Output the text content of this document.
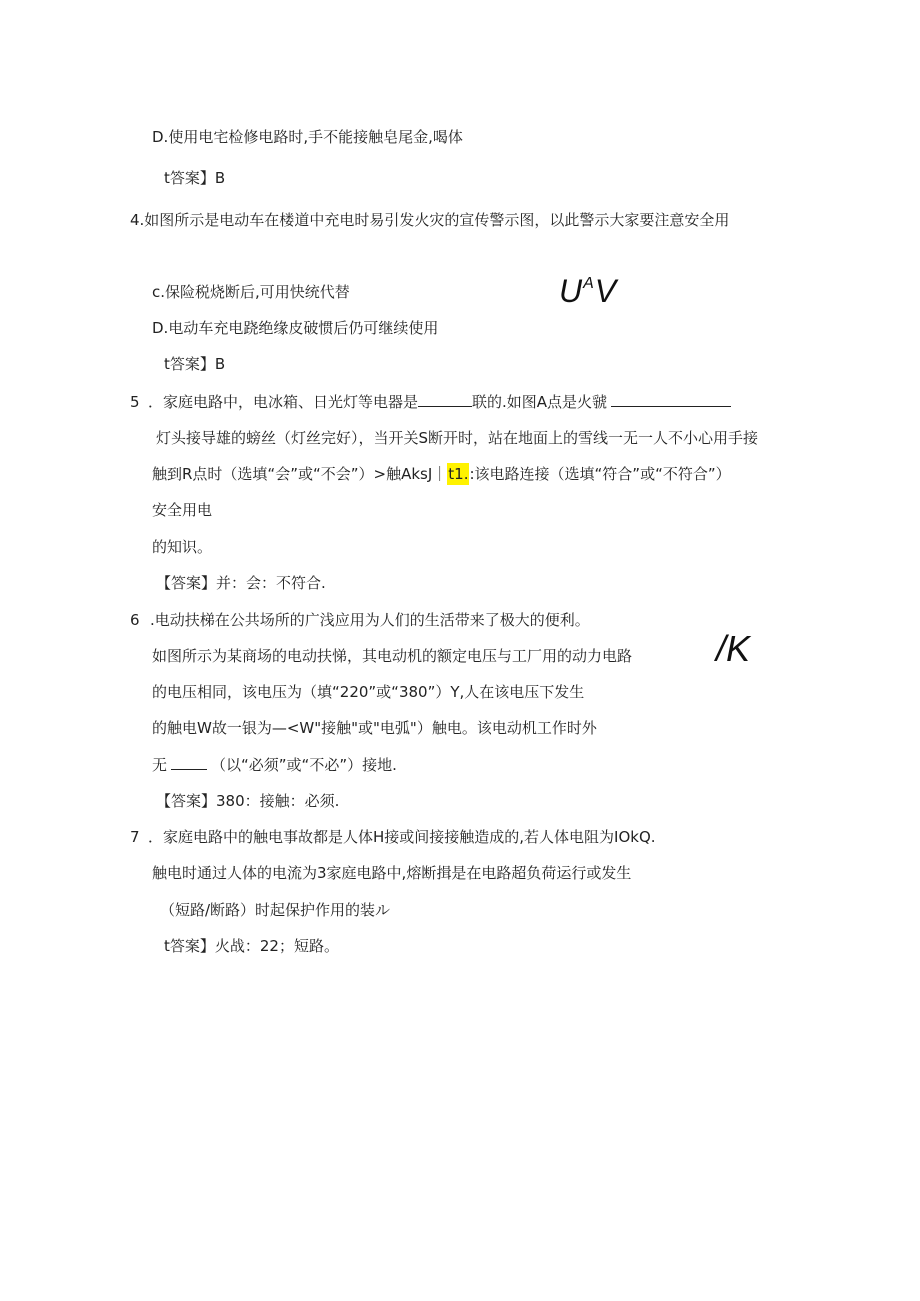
D.使用电宅检修电路时,手不能接触皂尾金,喝体
t答案】B
4.如图所示是电动车在楼道中充电时易引发火灾的宣传警示图，以此警示大家要注意安全用
c.保险税烧断后,可用快统代替	$U^AV$
D.电动车充电跷绝缘皮破惯后仍可继续使用
t答案】B
5 ．家庭电路中，电冰箱、日光灯等电器是	联的.如图A点是火虢
灯头接导雄的螃丝（灯丝完好），当开关S断开时，站在地面上的雪线一无一人不小心用手接
触到R点时（选填“会”或“不会”）>触AksJ｜t1.:该电路连接（选填“符合”或“不符合”）
安全用电
的知识。
【答案】并：会：不符合.
6 .电动扶梯在公共场所的广浅应用为人们的生活带来了极大的便利。
/K
如图所示为某商场的电动扶悌，其电动机的额定电压与工厂用的动力电路
的电压相同，该电压为（填“220”或“380”）Y,人在该电压下发生
的触电W故一银为—<W"接触"或"电弧"）触电。该电动机工作时外
无	（以“必须”或“不必”）接地.
【答案】380：接触：必须.
7 ．家庭电路中的触电事故都是人体H接或间接接触造成的,若人体电阻为IOkQ.
触电时通过人体的电流为3家庭电路中,熔断揖是在电路超负荷运行或发生
（短路/断路）时起保护作用的装ル
t答案】火战：22；短路。
